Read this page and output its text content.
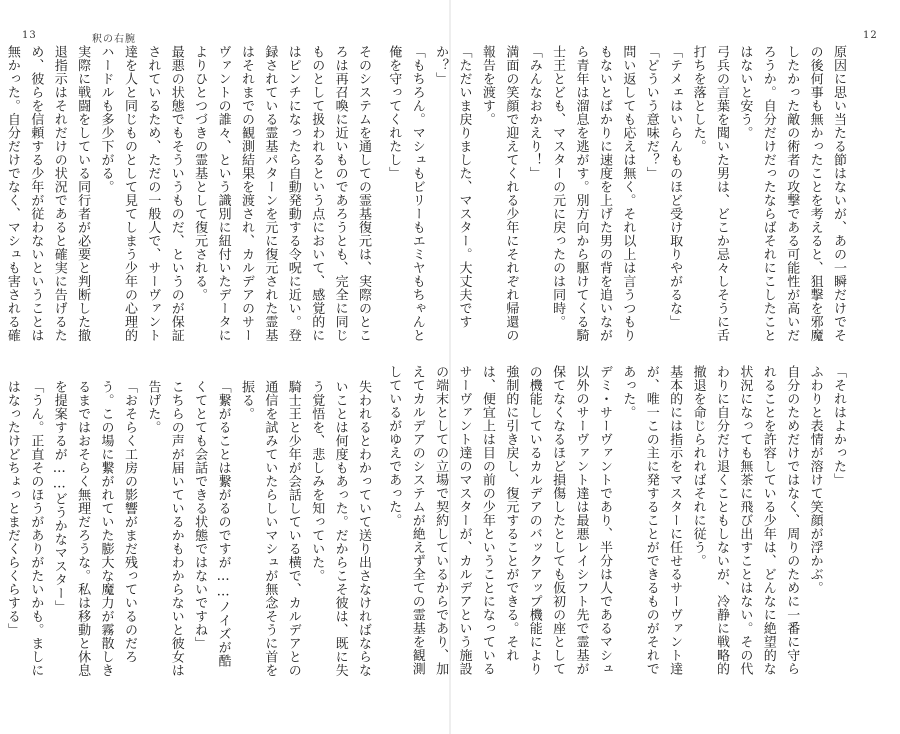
13	釈の右腕

そのシステムを通しての霊基復元は、実際のところは再召喚に近いものであろうとも、完全に同じものとして扱われるという点において、感覚的にはピンチになったら自動発動する令呪に近い。登録されている霊基パターンを元に復元された霊基はそれまでの観測結果を渡され、カルデアのサーヴァントの誰々、という識別に紐付いたデータによりひとつづきの霊基として復元される。

最悪の状態でもそういうものだ、というのが保証されているため、ただの一般人で、サーヴァント達を人と同じものとして見てしまう少年の心理的ハードルも多少下がる。

実際に戦闘をしている同行者が必要と判断した撤退指示はそれだけの状況であると確実に告げるため、彼らを信頼する少年が従わないということは無かった。自分だけでなく、マシュも害される確

失われるとわかっていて送り出さなければならないことは何度もあった。だからこそ彼は、既に失う覚悟を、悲しみを知っていた。

騎士王と少年が会話している横で、カルデアとの通信を試みていたらしいマシュが無念そうに首を振る。

「繋がることは繋がるのですが……ノイズが酷くてとても会話できる状態ではないですね」

こちらの声が届いているかもわからないと彼女は告げた。

「おそらく工房の影響がまだ残っているのだろう。この場に繋がれていた膨大な魔力が霧散しきるまではおそらく無理だろうな。私は移動と休息を提案するが……どうかなマスター」

「うん。正直そのほうがありがたいかも。ましにはなったけどちょっとまだくらくらする」

12

原因に思い当たる節はないが、あの一瞬だけでその後何事も無かったことを考えると、狙撃を邪魔したかった敵の術者の攻撃である可能性が高いだろうか。自分だけだったならばそれにこしたことはないと安う。

弓兵の言葉を聞いた男は、どこか忌々しそうに舌打ちを落とした。

「テメェはいらんものほど受け取りやがるな」

「どういう意味だ？」

問い返しても応えは無く。それ以上は言うつもりもないとばかりに速度を上げた男の背を追いながら青年は溜息を逃がす。別方向から駆けてくる騎士王とども、マスターの元に戻ったのは同時。

「みんなおかえり！」

満面の笑顔で迎えてくれる少年にそれぞれ帰還の報告を渡す。

「ただいま戻りました、マスター。大丈夫ですか？」

「もちろん。マシュもビリーもエミヤもちゃんと俺を守ってくれたし」

「それはよかった」

ふわりと表情が溶けて笑顔が浮かぶ。

自分のためだけではなく、周りのために一番に守られることを許容している少年は、どんなに絶望的な状況になっても無茶に飛び出すことはない。その代わりに自分だけ退くこともしないが、冷静に戦略的撤退を命じられればそれに従う。

基本的には指示をマスターに任せるサーヴァント達が、唯一この主に発することができるものがそれであった。

デミ・サーヴァントであり、半分は人であるマシュ以外のサーヴァント達は最悪レイシフト先で霊基が保てなくなるほど損傷したとしても仮初の座としての機能しているカルデアのバックアップ機能により強制的に引き戻し、復元することができる。それは、便宜上は目の前の少年ということになっているサーヴァント達のマスターが、カルデアという施設の端末としての立場で契約しているからであり、加えてカルデアのシステムが絶えず全ての霊基を観測しているがゆえであった。
